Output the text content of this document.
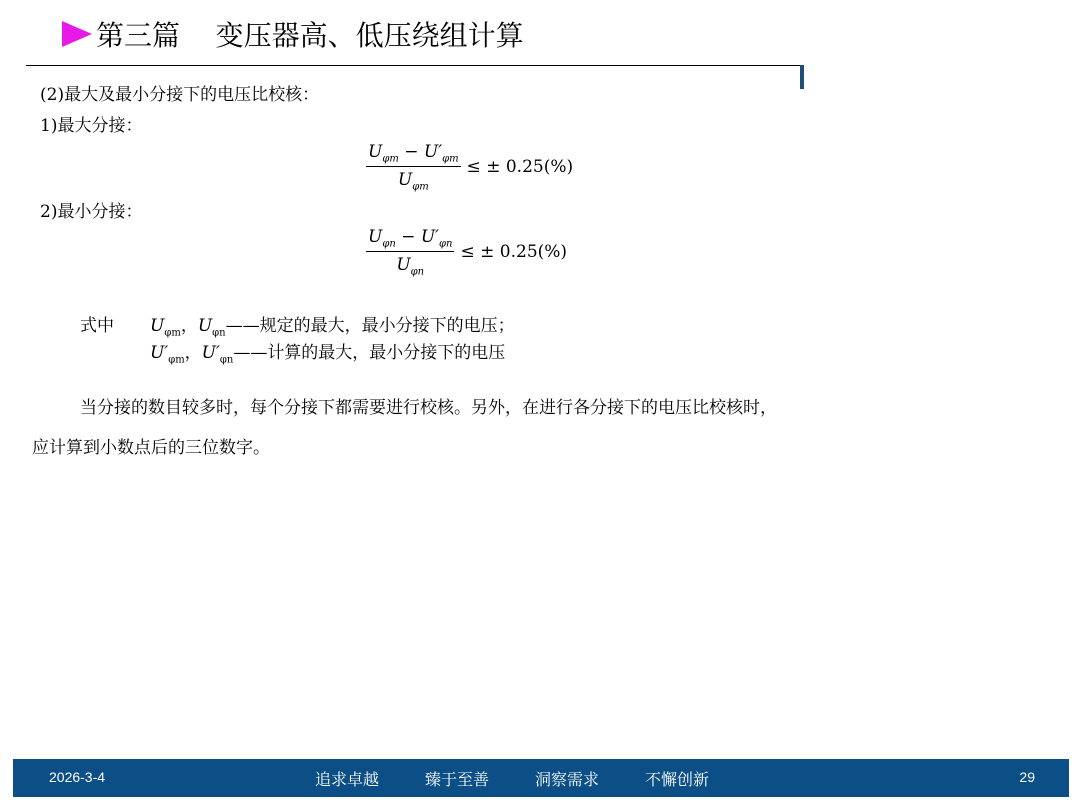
第三篇    变压器高、低压绕组计算
(2)最大及最小分接下的电压比校核：
1)最大分接：
$\frac{U_{\varphi m} - U'_{\varphi m}}{U_{\varphi m}}$ ≤ ± 0.25(%)
2)最小分接：
$\frac{U_{\varphi n} - U'_{\varphi n}}{U_{\varphi n}}$ ≤ ± 0.25(%)
式中 $U_{\varphi m}$，$U_{\varphi n}——$规定的最大，最小分接下的电压；
$U'_{\varphi m}$，$U'_{\varphi n}——$计算的最大，最小分接下的电压
当分接的数目较多时，每个分接下都需要进行校核。另外，在进行各分接下的电压比校核时，
应计算到小数点后的三位数字。
2026-3-4	追求卓越	臻于至善	洞察需求	不懈创新	29
